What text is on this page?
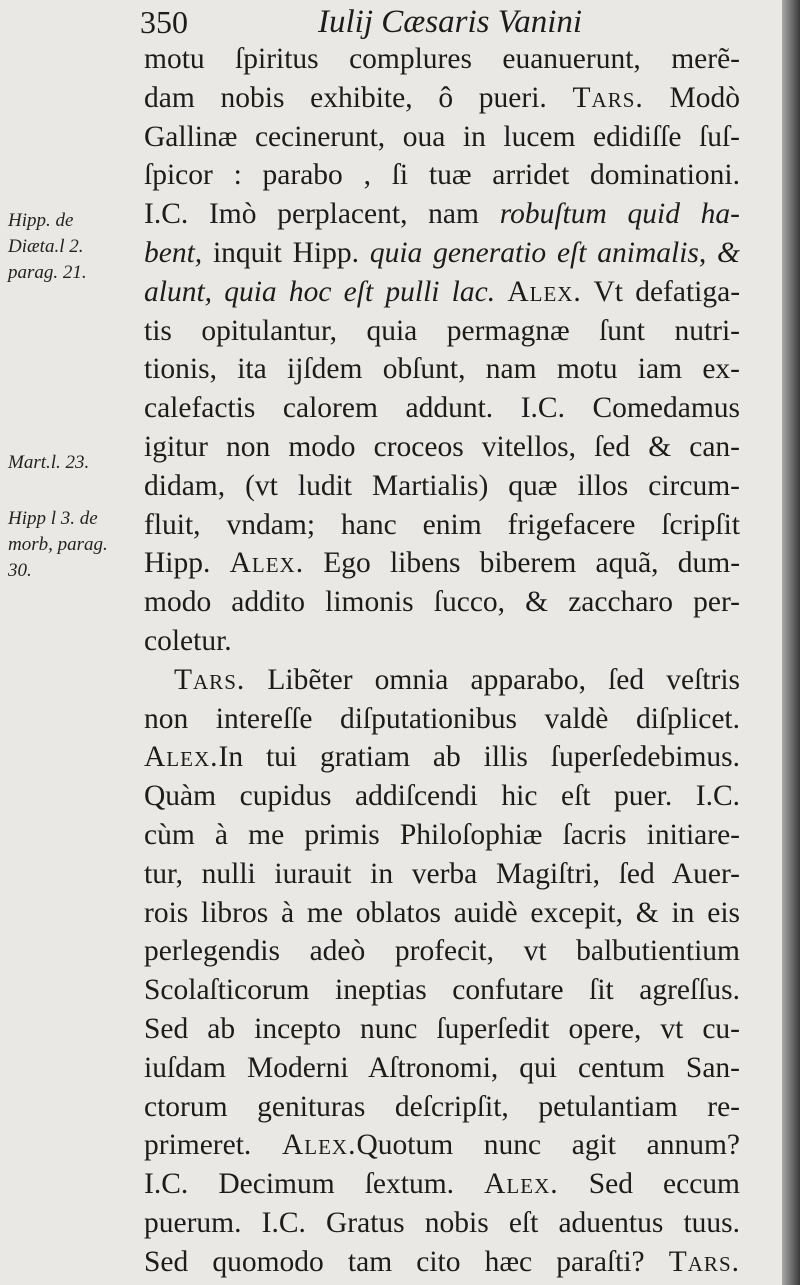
350	Iulij Cæsaris Vanini
Hipp. de
Diæta.l 2.
parag. 21.
Mart.l. 23.
Hipp l 3. de
morb, parag.
30.
motu ſpiritus complures euanuerunt, merẽ-
dam nobis exhibite, ô pueri. Tars. Modò
Gallinæ cecinerunt, oua in lucem edidiſſe ſuſ-
ſpicor : parabo , ſi tuæ arridet dominationi.
I.C. Imò perplacent, nam robuſtum quid ha-
bent, inquit Hipp. quia generatio eſt animalis, &
alunt, quia hoc eſt pulli lac. Alex. Vt defatiga-
tis opitulantur, quia permagnæ ſunt nutri-
tionis, ita ijſdem obſunt, nam motu iam ex-
calefactis calorem addunt. I.C. Comedamus
igitur non modo croceos vitellos, ſed & can-
didam, (vt ludit Martialis) quæ illos circum-
fluit, vndam; hanc enim frigefacere ſcripſit
Hipp. Alex. Ego libens biberem aquã, dum-
modo addito limonis ſucco, & zaccharo per-
coletur.
Tars. Libẽter omnia apparabo, ſed veſtris
non intereſſe diſputationibus valdè diſplicet.
Alex.In tui gratiam ab illis ſuperſedebimus.
Quàm cupidus addiſcendi hic eſt puer. I.C.
cùm à me primis Philoſophiæ ſacris initiare-
tur, nulli iurauit in verba Magiſtri, ſed Auer-
rois libros à me oblatos auidè excepit, & in eis
perlegendis adeò profecit, vt balbutientium
Scolaſticorum ineptias confutare ſit agreſſus.
Sed ab incepto nunc ſuperſedit opere, vt cu-
iuſdam Moderni Aſtronomi, qui centum San-
ctorum genituras deſcripſit, petulantiam re-
primeret. Alex.Quotum nunc agit annum?
I.C. Decimum ſextum. Alex. Sed eccum
puerum. I.C. Gratus nobis eſt aduentus tuus.
Sed quomodo tam cito hæc paraſti? Tars.
